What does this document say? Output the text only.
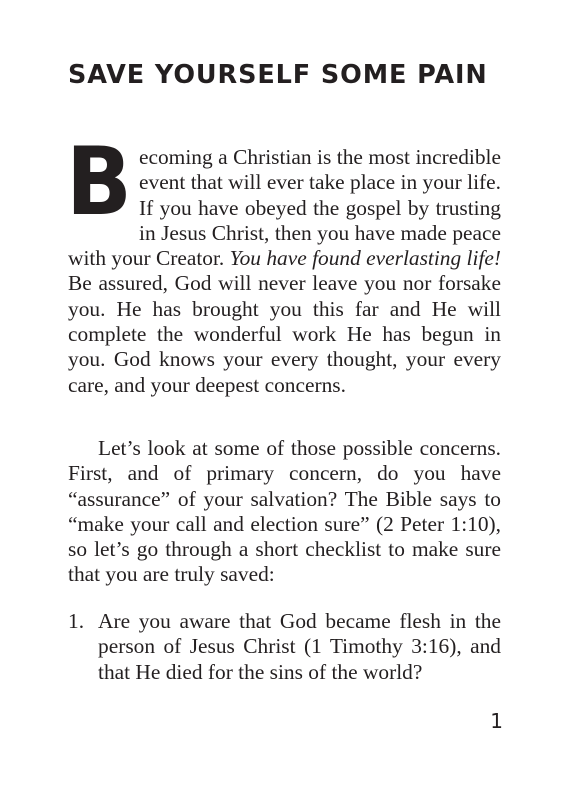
SAVE YOURSELF SOME PAIN

Becoming a Christian is the most incredible event that will ever take place in your life. If you have obeyed the gospel by trusting in Jesus Christ, then you have made peace with your Creator. You have found everlasting life! Be assured, God will never leave you nor forsake you. He has brought you this far and He will complete the wonderful work He has begun in you. God knows your every thought, your every care, and your deepest concerns.

Let’s look at some of those possible concerns. First, and of primary concern, do you have “assurance” of your salvation? The Bible says to “make your call and election sure” (2 Peter 1:10), so let’s go through a short checklist to make sure that you are truly saved:

1. Are you aware that God became flesh in the person of Jesus Christ (1 Timothy 3:16), and that He died for the sins of the world?
1
